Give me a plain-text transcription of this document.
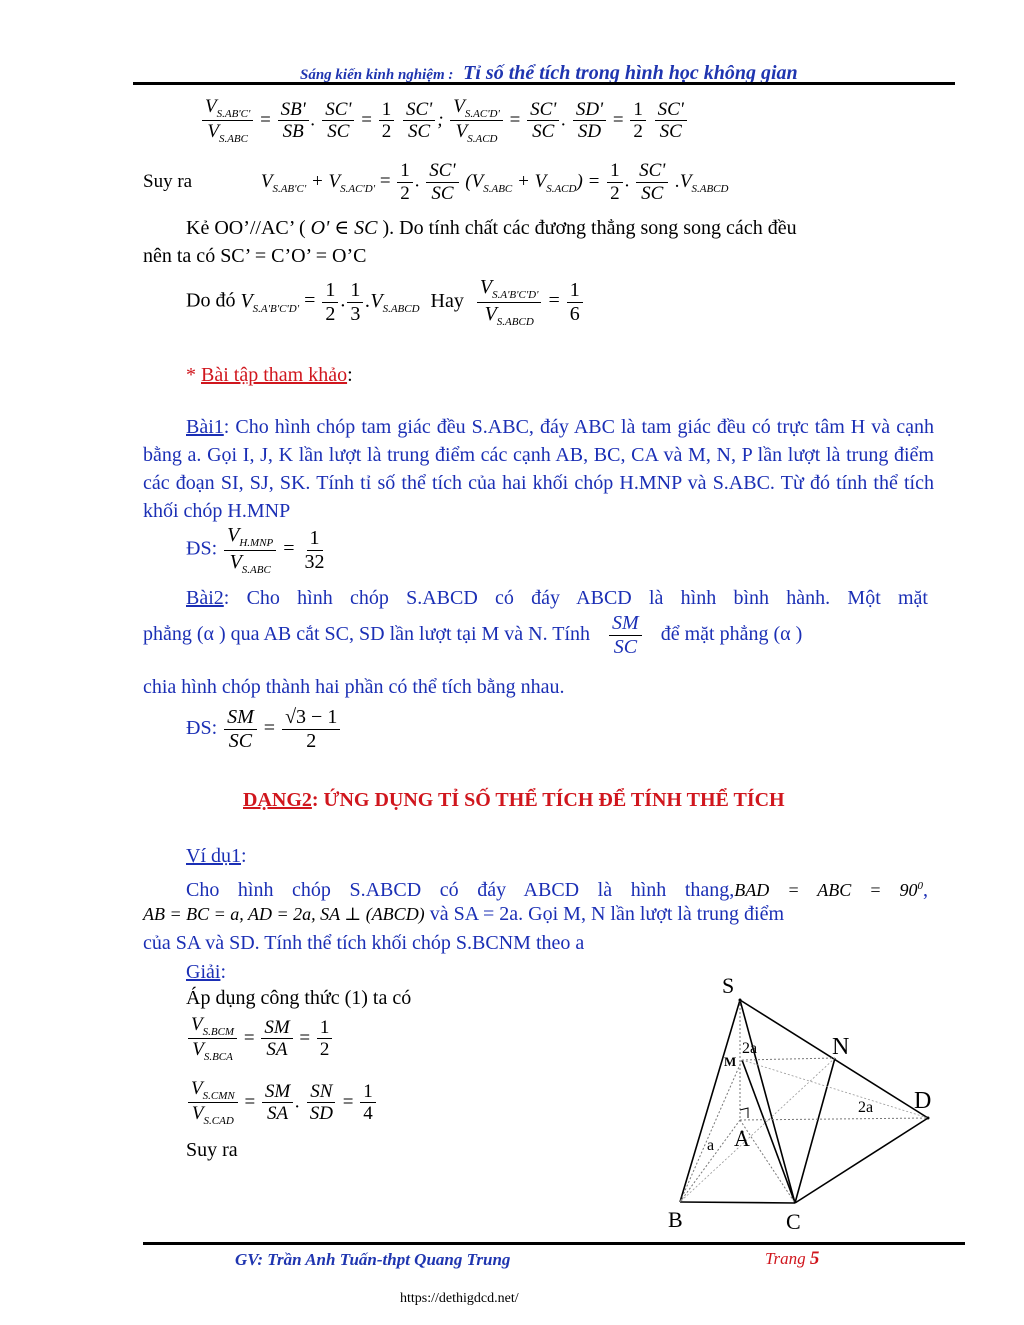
Sáng kiến kinh nghiệm : Tỉ số thể tích trong hình học không gian
$\frac{V_{S.AB'C'}}{V_{S.ABC}} = \frac{SB'}{SB}$ . $\frac{SC'}{SC} = \frac{1}{2}$
$\frac{SC'}{SC}$ ; $\frac{V_{S.AC'D'}}{V_{S.ACD}} = \frac{SC'}{SC}$ . $\frac{SD'}{SD} = \frac{1}{2}$
$\frac{SC'}{SC}$
Suy ra	$V_{S.AB'C'} + V_{S.AC'D'} = \frac{1}{2}$ . $\frac{SC'}{SC} (V_{S.ABC} + V_{S.ACD}) = \frac{1}{2}$ . $\frac{SC'}{SC} .V_{S.ABCD}$
Kẻ OO’//AC’ ( O' ∈ SC ). Do tính chất các đương thẳng song song cách đều
nên ta có SC’ = C’O’ = O’C
Do đó $V_{S.A'B'C'D'} = \frac{1}{2}$ . $\frac{1}{3} .V_{S.ABCD}$ Hay $\frac{V_{S.A'B'C'D'}}{V_{S.ABCD}} = \frac{1}{6}$
* Bài tập tham khảo:
Bài1: Cho hình chóp tam giác đều S.ABC, đáy ABC là tam giác đều có trực tâm H và cạnh bằng a. Gọi I, J, K lần lượt là trung điểm các cạnh AB, BC, CA và M, N, P lần lượt là trung điểm các đoạn SI, SJ, SK. Tính tỉ số thể tích của hai khối chóp H.MNP và S.ABC. Từ đó tính thể tích khối chóp H.MNP
ĐS: $\frac{V_{H.MNP}}{V_{S.ABC}} = \frac{1}{32}$
Bài2: Cho hình chóp S.ABCD có đáy ABCD là hình bình hành. Một mặt
phẳng (α ) qua AB cắt SC, SD lần lượt tại M và N. Tính $\frac{SM}{SC}$ để mặt phẳng (α )
chia hình chóp thành hai phần có thể tích bằng nhau.
ĐS: $\frac{SM}{SC} = \frac{√3 - 1}{2}$
DẠNG2: ỨNG DỤNG TỈ SỐ THỂ TÍCH ĐỂ TÍNH THỂ TÍCH
Ví dụ1:
Cho hình chóp S.ABCD có đáy ABCD là hình thang,BAD = ABC = $90^0$,
AB = BC = a, AD = 2a, SA ⊥ (ABCD) và SA = 2a. Gọi M, N lần lượt là trung điểm
của SA và SD. Tính thể tích khối chóp S.BCNM theo a
Giải:
Áp dụng công thức (1) ta có
$\frac{V_{S.BCM}}{V_{S.BCA}} = \frac{SM}{SA} = \frac{1}{2}$
$\frac{V_{S.CMN}}{V_{S.CAD}} = \frac{SM}{SA}$ . $\frac{SN}{SD} = \frac{1}{4}$
Suy ra
S
N
M
2a
2a D
A
a
B	C
GV: Trần Anh Tuấn-thpt Quang Trung	Trang 5
https://dethigdcd.net/
